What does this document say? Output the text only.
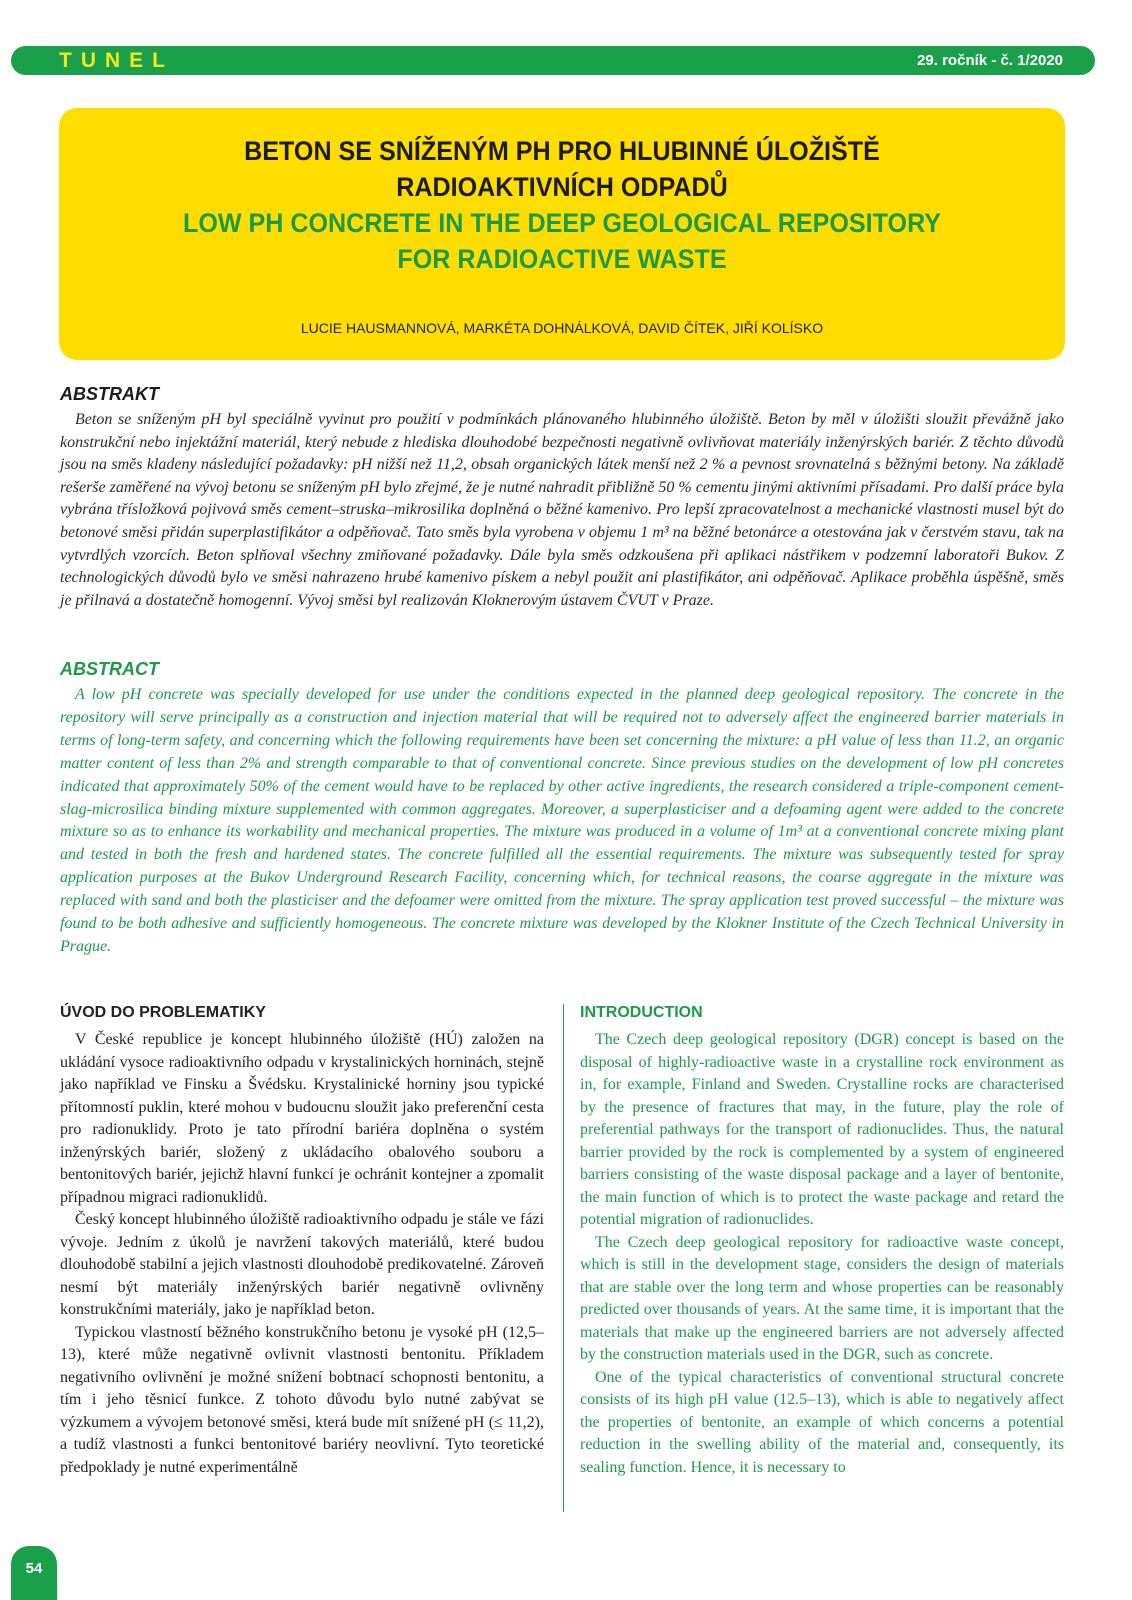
TUNEL	29. ročník - č. 1/2020
BETON SE SNÍŽENÝM PH PRO HLUBINNÉ ÚLOŽIŠTĚ
RADIOAKTIVNÍCH ODPADŮ
LOW PH CONCRETE IN THE DEEP GEOLOGICAL REPOSITORY
FOR RADIOACTIVE WASTE
LUCIE HAUSMANNOVÁ, MARKÉTA DOHNÁLKOVÁ, DAVID ČÍTEK, JIŘÍ KOLÍSKO
ABSTRAKT

Beton se sníženým pH byl speciálně vyvinut pro použití v podmínkách plánovaného hlubinného úložiště. Beton by měl v úložišti sloužit převážně jako konstrukční nebo injektážní materiál, který nebude z hlediska dlouhodobé bezpečnosti negativně ovlivňovat materiály inženýrských bariér. Z těchto důvodů jsou na směs kladeny následující požadavky: pH nižší než 11,2, obsah organických látek menší než 2 % a pevnost srovnatelná s běžnými betony. Na základě rešerše zaměřené na vývoj betonu se sníženým pH bylo zřejmé, že je nutné nahradit přibližně 50 % cementu jinými aktivními přísadami. Pro další práce byla vybrána třísložková pojivová směs cement–struska–mikrosilika doplněná o běžné kamenivo. Pro lepší zpracovatelnost a mechanické vlastnosti musel být do betonové směsi přidán superplastifikátor a odpěňovač. Tato směs byla vyrobena v objemu 1 m³ na běžné betonárce a otestována jak v čerstvém stavu, tak na vytvrdlých vzorcích. Beton splňoval všechny zmiňované požadavky. Dále byla směs odzkoušena při aplikaci nástřikem v podzemní laboratoři Bukov. Z technologických důvodů bylo ve směsi nahrazeno hrubé kamenivo pískem a nebyl použit ani plastifikátor, ani odpěňovač. Aplikace proběhla úspěšně, směs je přilnavá a dostatečně homogenní. Vývoj směsi byl realizován Kloknerovým ústavem ČVUT v Praze.

ABSTRACT

A low pH concrete was specially developed for use under the conditions expected in the planned deep geological repository. The concrete in the repository will serve principally as a construction and injection material that will be required not to adversely affect the engineered barrier materials in terms of long-term safety, and concerning which the following requirements have been set concerning the mixture: a pH value of less than 11.2, an organic matter content of less than 2% and strength comparable to that of conventional concrete. Since previous studies on the development of low pH concretes indicated that approximately 50% of the cement would have to be replaced by other active ingredients, the research considered a triple-component cement-slag-microsilica binding mixture supplemented with common aggregates. Moreover, a superplasticiser and a defoaming agent were added to the concrete mixture so as to enhance its workability and mechanical properties. The mixture was produced in a volume of 1m³ at a conventional concrete mixing plant and tested in both the fresh and hardened states. The concrete fulfilled all the essential requirements. The mixture was subsequently tested for spray application purposes at the Bukov Underground Research Facility, concerning which, for technical reasons, the coarse aggregate in the mixture was replaced with sand and both the plasticiser and the defoamer were omitted from the mixture. The spray application test proved successful – the mixture was found to be both adhesive and sufficiently homogeneous. The concrete mixture was developed by the Klokner Institute of the Czech Technical University in Prague.

ÚVOD DO PROBLEMATIKY

V České republice je koncept hlubinného úložiště (HÚ) založen na ukládání vysoce radioaktivního odpadu v krystalinických horninách, stejně jako například ve Finsku a Švédsku. Krystalinické horniny jsou typické přítomností puklin, které mohou v budoucnu sloužit jako preferenční cesta pro radionuklidy. Proto je tato přírodní bariéra doplněna o systém inženýrských bariér, složený z ukládacího obalového souboru a bentonitových bariér, jejichž hlavní funkcí je ochránit kontejner a zpomalit případnou migraci radionuklidů.

Český koncept hlubinného úložiště radioaktivního odpadu je stále ve fázi vývoje. Jedním z úkolů je navržení takových materiálů, které budou dlouhodobě stabilní a jejich vlastnosti dlouhodobě predikovatelné. Zároveň nesmí být materiály inženýrských bariér negativně ovlivněny konstrukčními materiály, jako je například beton.

Typickou vlastností běžného konstrukčního betonu je vysoké pH (12,5–13), které může negativně ovlivnit vlastnosti bentonitu. Příkladem negativního ovlivnění je možné snížení bobtnací schopnosti bentonitu, a tím i jeho těsnicí funkce. Z tohoto důvodu bylo nutné zabývat se výzkumem a vývojem betonové směsi, která bude mít snížené pH (≤ 11,2), a tudíž vlastnosti a funkci bentonitové bariéry neovlivní. Tyto teoretické předpoklady je nutné experimentálně

INTRODUCTION

The Czech deep geological repository (DGR) concept is based on the disposal of highly-radioactive waste in a crystalline rock environment as in, for example, Finland and Sweden. Crystalline rocks are characterised by the presence of fractures that may, in the future, play the role of preferential pathways for the transport of radionuclides. Thus, the natural barrier provided by the rock is complemented by a system of engineered barriers consisting of the waste disposal package and a layer of bentonite, the main function of which is to protect the waste package and retard the potential migration of radionuclides.

The Czech deep geological repository for radioactive waste concept, which is still in the development stage, considers the design of materials that are stable over the long term and whose properties can be reasonably predicted over thousands of years. At the same time, it is important that the materials that make up the engineered barriers are not adversely affected by the construction materials used in the DGR, such as concrete.

One of the typical characteristics of conventional structural concrete consists of its high pH value (12.5–13), which is able to negatively affect the properties of bentonite, an example of which concerns a potential reduction in the swelling ability of the material and, consequently, its sealing function. Hence, it is necessary to

54
